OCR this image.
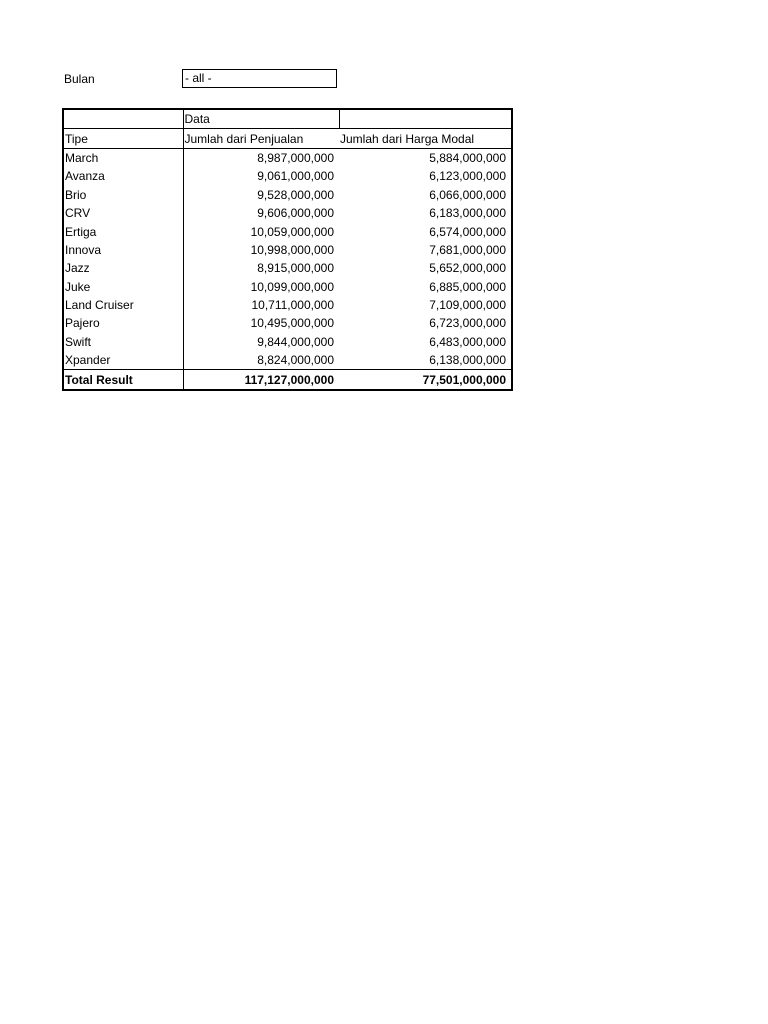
Bulan	- all -
	Data	
Tipe	Jumlah dari Penjualan	Jumlah dari Harga Modal
March	8,987,000,000	5,884,000,000
Avanza	9,061,000,000	6,123,000,000
Brio	9,528,000,000	6,066,000,000
CRV	9,606,000,000	6,183,000,000
Ertiga	10,059,000,000	6,574,000,000
Innova	10,998,000,000	7,681,000,000
Jazz	8,915,000,000	5,652,000,000
Juke	10,099,000,000	6,885,000,000
Land Cruiser	10,711,000,000	7,109,000,000
Pajero	10,495,000,000	6,723,000,000
Swift	9,844,000,000	6,483,000,000
Xpander	8,824,000,000	6,138,000,000
Total Result	117,127,000,000	77,501,000,000
